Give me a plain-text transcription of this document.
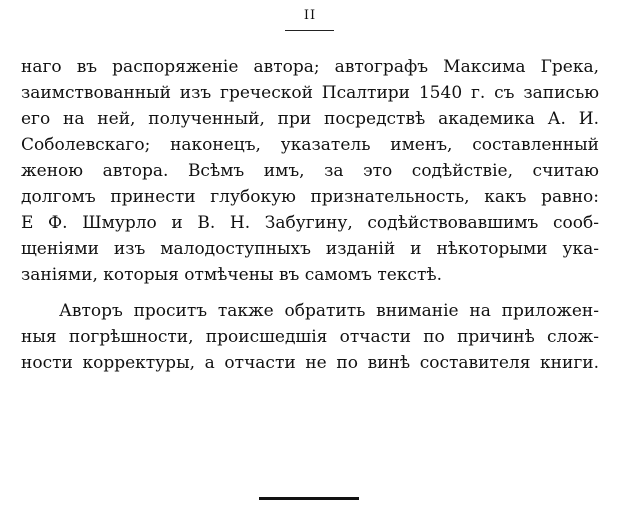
II
наго въ распоряженіе автора; автографъ Максима Грека,
заимствованный изъ греческой Псалтири 1540 г. съ записью
его на ней, полученный, при посредствѣ академика А. И.
Соболевскаго; наконецъ, указатель именъ, составленный
женою автора. Всѣмъ имъ, за это содѣйствіе, считаю
долгомъ принести глубокую признательность, какъ равно:
Е Ф. Шмурло и В. Н. Забугину, содѣйствовавшимъ сооб-
щеніями изъ малодоступныхъ изданій и нѣкоторыми ука-
заніями, которыя отмѣчены въ самомъ текстѣ.
Авторъ проситъ также обратить вниманіе на приложен-
ныя погрѣшности, происшедшія отчасти по причинѣ слож-
ности корректуры, а отчасти не по винѣ составителя книги.
